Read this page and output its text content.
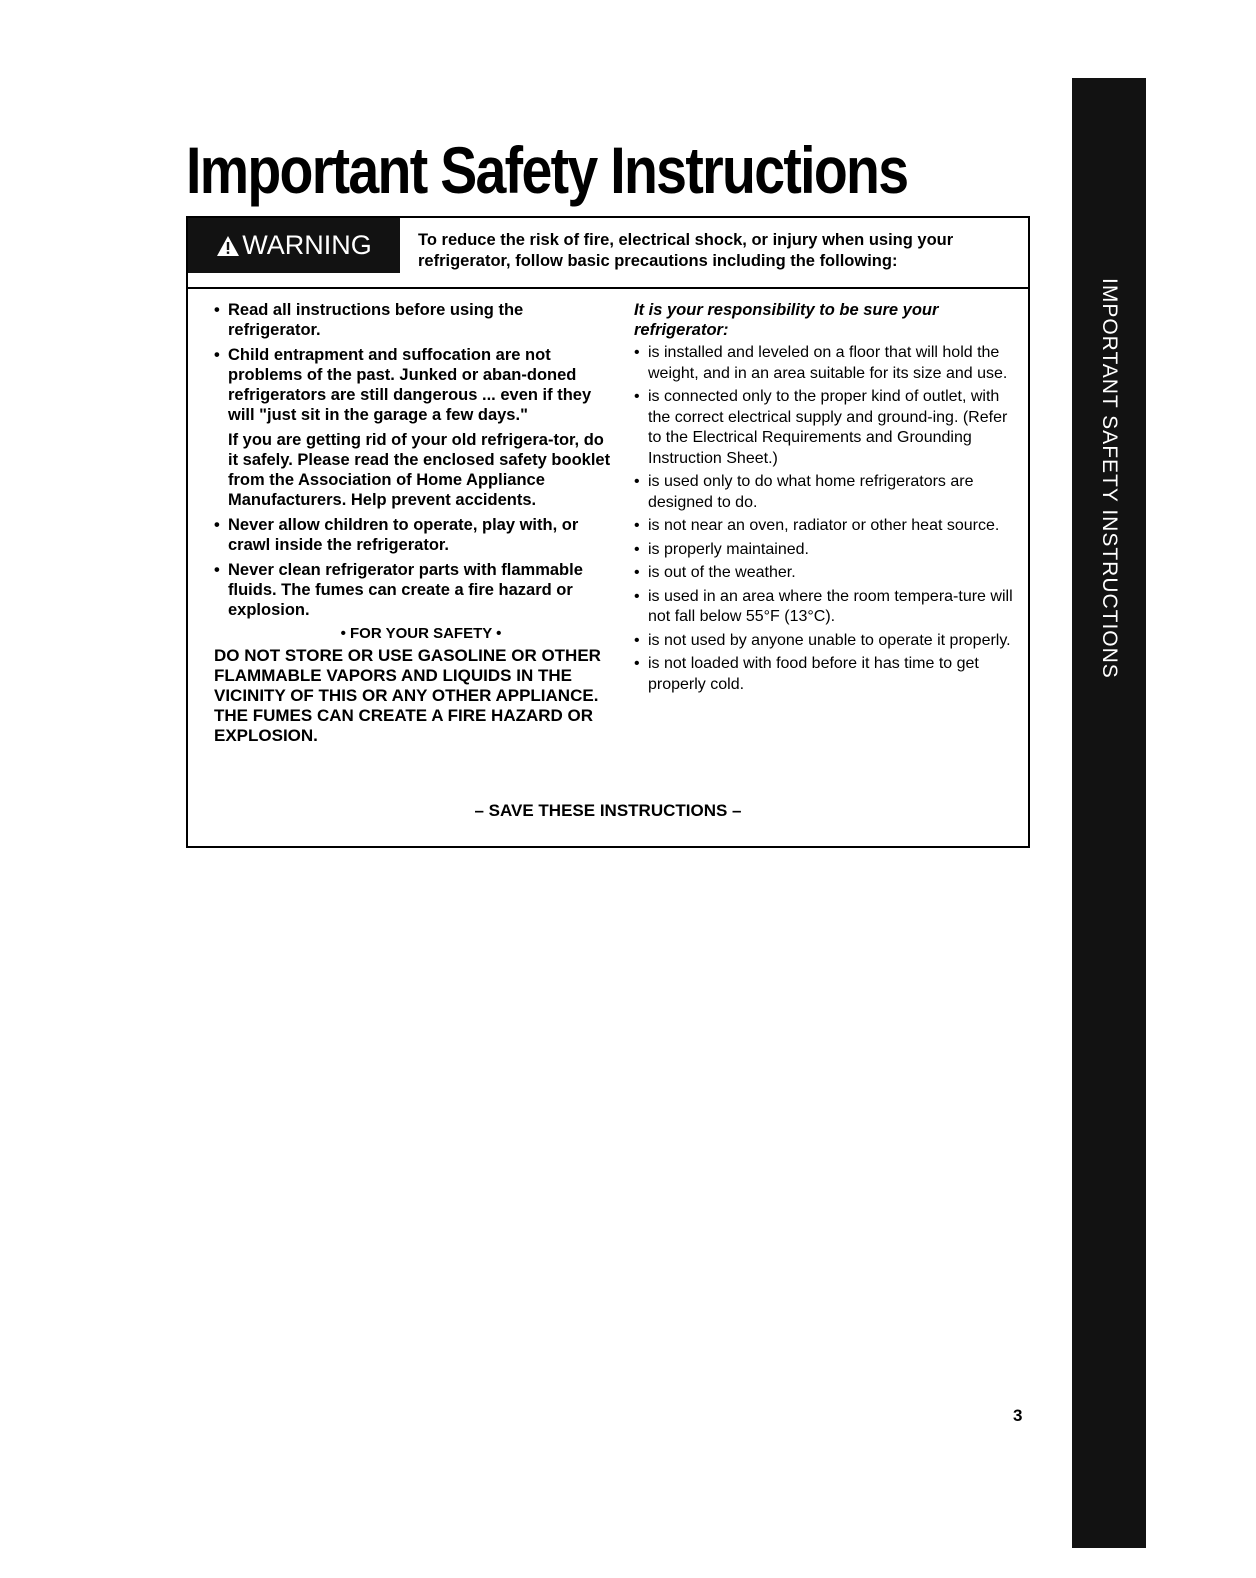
Important Safety Instructions
IMPORTANT SAFETY INSTRUCTIONS
WARNING	To reduce the risk of fire, electrical shock, or injury when using your refrigerator, follow basic precautions including the following:
• Read all instructions before using the refrigerator.
• Child entrapment and suffocation are not problems of the past. Junked or aban-doned refrigerators are still dangerous ... even if they will "just sit in the garage a few days."
If you are getting rid of your old refrigera-tor, do it safely. Please read the enclosed safety booklet from the Association of Home Appliance Manufacturers. Help prevent accidents.
• Never allow children to operate, play with, or crawl inside the refrigerator.
• Never clean refrigerator parts with flammable fluids. The fumes can create a fire hazard or explosion.
• FOR YOUR SAFETY •
DO NOT STORE OR USE GASOLINE OR OTHER FLAMMABLE VAPORS AND LIQUIDS IN THE VICINITY OF THIS OR ANY OTHER APPLIANCE. THE FUMES CAN CREATE A FIRE HAZARD OR EXPLOSION.
It is your responsibility to be sure your refrigerator:
• is installed and leveled on a floor that will hold the weight, and in an area suitable for its size and use.
• is connected only to the proper kind of outlet, with the correct electrical supply and ground-ing. (Refer to the Electrical Requirements and Grounding Instruction Sheet.)
• is used only to do what home refrigerators are designed to do.
• is not near an oven, radiator or other heat source.
• is properly maintained.
• is out of the weather.
• is used in an area where the room tempera-ture will not fall below 55°F (13°C).
• is not used by anyone unable to operate it properly.
• is not loaded with food before it has time to get properly cold.
– SAVE THESE INSTRUCTIONS –
3
